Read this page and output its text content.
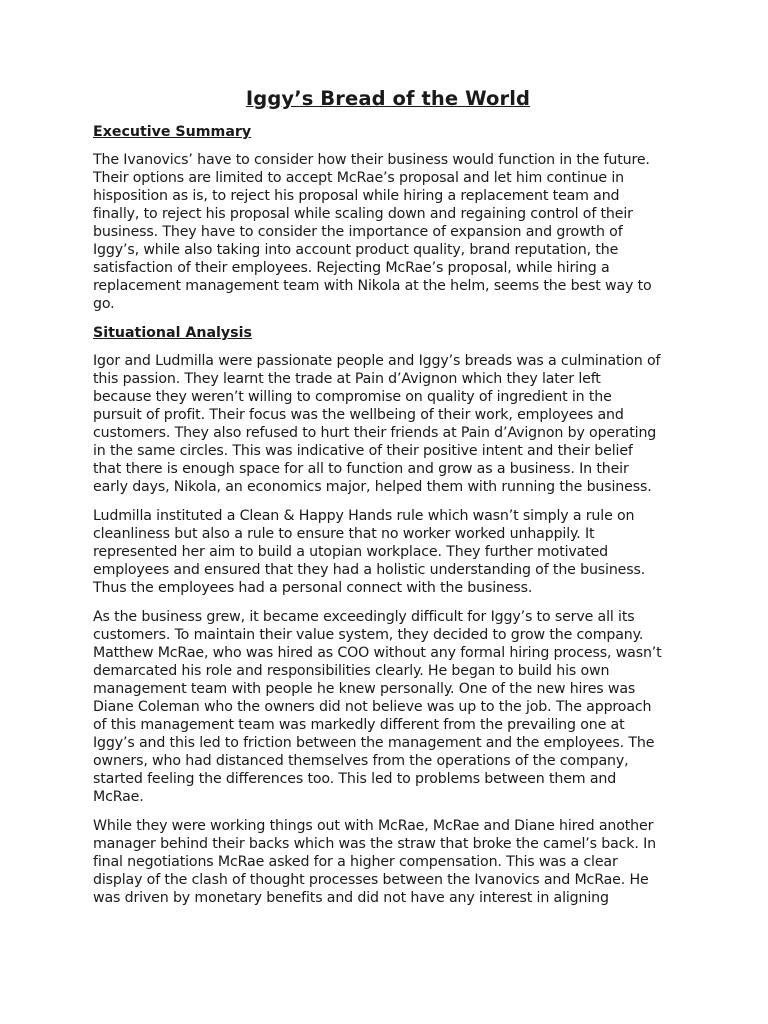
Iggy’s Bread of the World
Executive Summary

The Ivanovics’ have to consider how their business would function in the future.
Their options are limited to accept McRae’s proposal and let him continue in
hisposition as is, to reject his proposal while hiring a replacement team and
finally, to reject his proposal while scaling down and regaining control of their
business. They have to consider the importance of expansion and growth of
Iggy’s, while also taking into account product quality, brand reputation, the
satisfaction of their employees. Rejecting McRae’s proposal, while hiring a
replacement management team with Nikola at the helm, seems the best way to
go.

Situational Analysis

Igor and Ludmilla were passionate people and Iggy’s breads was a culmination of
this passion. They learnt the trade at Pain d’Avignon which they later left
because they weren’t willing to compromise on quality of ingredient in the
pursuit of profit. Their focus was the wellbeing of their work, employees and
customers. They also refused to hurt their friends at Pain d’Avignon by operating
in the same circles. This was indicative of their positive intent and their belief
that there is enough space for all to function and grow as a business. In their
early days, Nikola, an economics major, helped them with running the business.

Ludmilla instituted a Clean & Happy Hands rule which wasn’t simply a rule on
cleanliness but also a rule to ensure that no worker worked unhappily. It
represented her aim to build a utopian workplace. They further motivated
employees and ensured that they had a holistic understanding of the business.
Thus the employees had a personal connect with the business.

As the business grew, it became exceedingly difficult for Iggy’s to serve all its
customers. To maintain their value system, they decided to grow the company.
Matthew McRae, who was hired as COO without any formal hiring process, wasn’t
demarcated his role and responsibilities clearly. He began to build his own
management team with people he knew personally. One of the new hires was
Diane Coleman who the owners did not believe was up to the job. The approach
of this management team was markedly different from the prevailing one at
Iggy’s and this led to friction between the management and the employees. The
owners, who had distanced themselves from the operations of the company,
started feeling the differences too. This led to problems between them and
McRae.

While they were working things out with McRae, McRae and Diane hired another
manager behind their backs which was the straw that broke the camel’s back. In
final negotiations McRae asked for a higher compensation. This was a clear
display of the clash of thought processes between the Ivanovics and McRae. He
was driven by monetary benefits and did not have any interest in aligning
